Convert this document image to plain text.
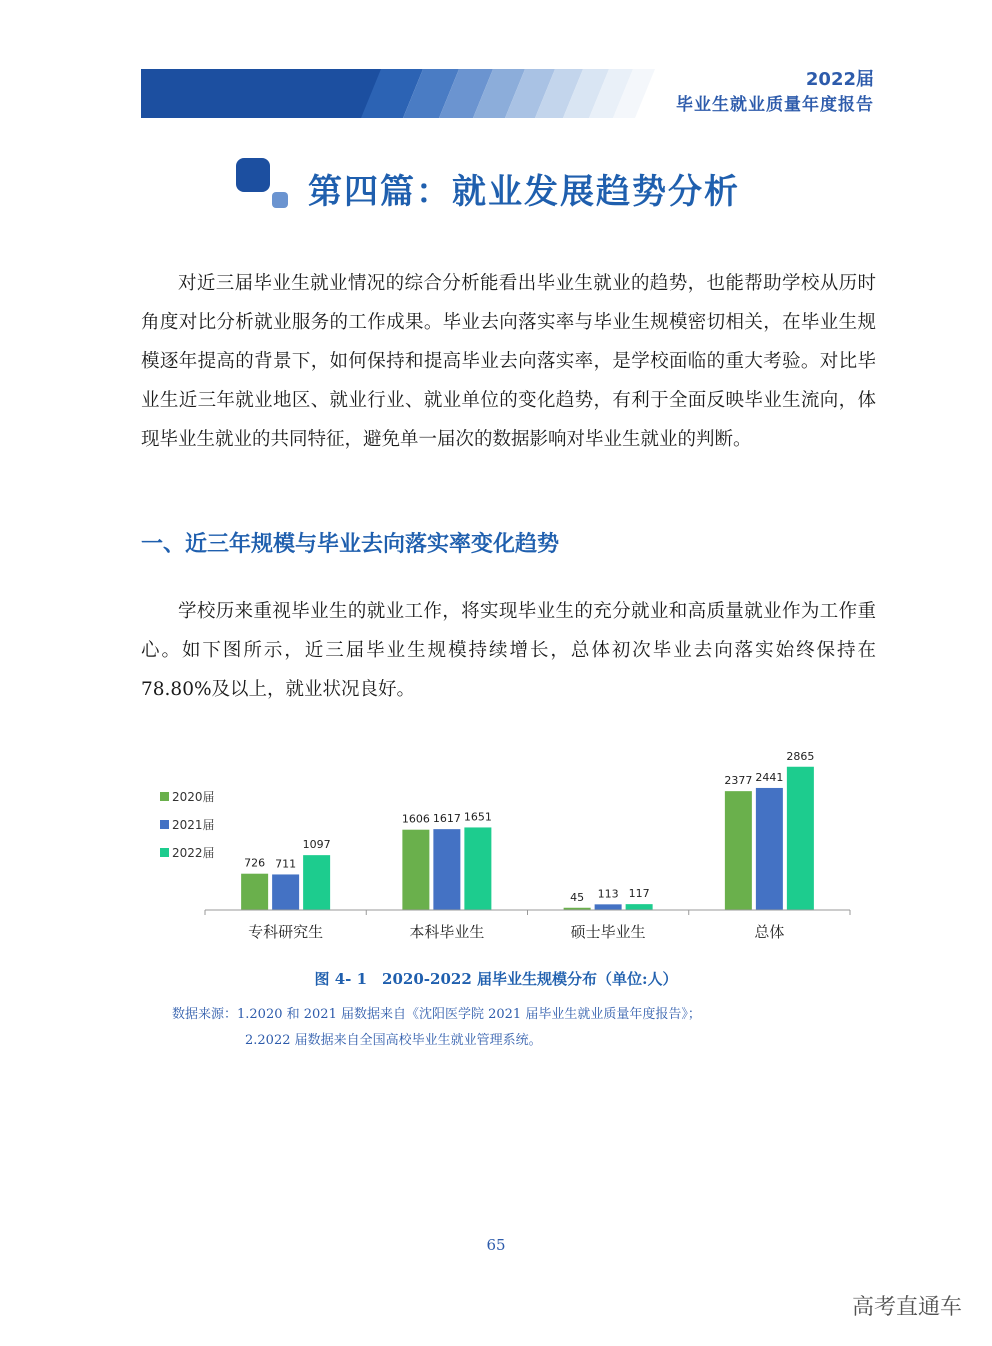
2022届
毕业生就业质量年度报告
第四篇：就业发展趋势分析

对近三届毕业生就业情况的综合分析能看出毕业生就业的趋势，也能帮助学校从历时角度对比分析就业服务的工作成果。毕业去向落实率与毕业生规模密切相关，在毕业生规模逐年提高的背景下，如何保持和提高毕业去向落实率，是学校面临的重大考验。对比毕业生近三年就业地区、就业行业、就业单位的变化趋势，有利于全面反映毕业生流向，体现毕业生就业的共同特征，避免单一届次的数据影响对毕业生就业的判断。

一、近三年规模与毕业去向落实率变化趋势

学校历来重视毕业生的就业工作，将实现毕业生的充分就业和高质量就业作为工作重心。如下图所示，近三届毕业生规模持续增长，总体初次毕业去向落实始终保持在 78.80%及以上，就业状况良好。

2020届
2021届
2022届
726 711
1097
1606 1617 1651
45 113 117
2377 2441
2865
专科研究生	本科毕业生	硕士毕业生	总体

图 4- 1　2020-2022 届毕业生规模分布（单位:人）

数据来源：1.2020 和 2021 届数据来自《沈阳医学院 2021 届毕业生就业质量年度报告》；
2.2022 届数据来自全国高校毕业生就业管理系统。
65
高考直通车
